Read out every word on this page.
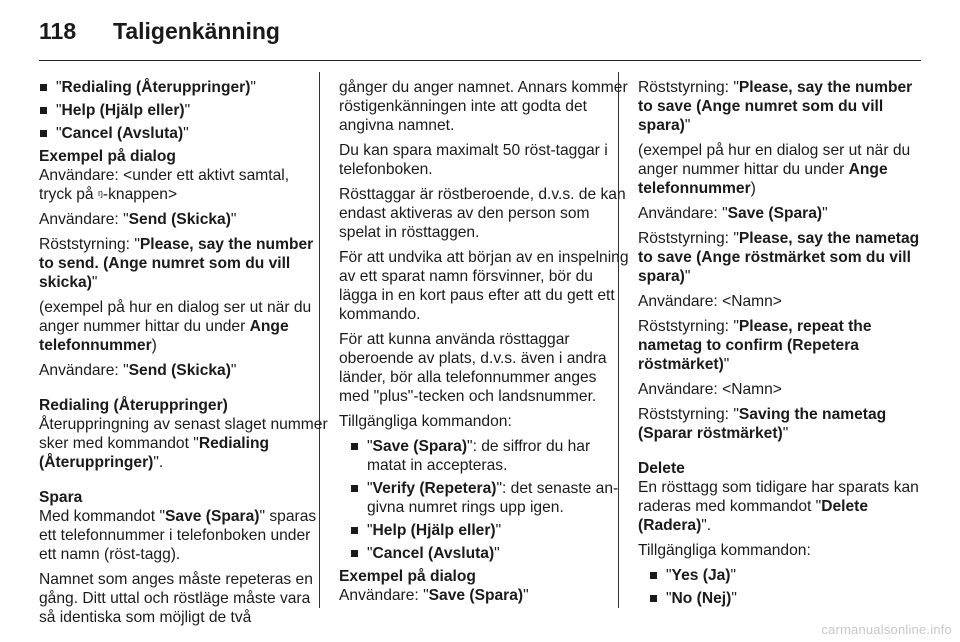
118 Taligenkänning

"Redialing (Återuppringer)"

"Help (Hjälp eller)"

"Cancel (Avsluta)"

Exempel på dialog

Användare: <under ett aktivt samtal,
tryck på ᵑ-knappen>

Användare: "Send (Skicka)"

Röststyrning: "Please, say the number to send. (Ange numret som du vill skicka)"

(exempel på hur en dialog ser ut när du anger nummer hittar du under Ange telefonnummer)

Användare: "Send (Skicka)"

Redialing (Återuppringer)

Återuppringning av senast slaget nummer sker med kommandot "Redialing (Återuppringer)".

Spara

Med kommandot "Save (Spara)" sparas ett telefonnummer i telefonboken under ett namn (röst-tagg).

Namnet som anges måste repeteras en gång. Ditt uttal och röstläge måste vara så identiska som möjligt de två

gånger du anger namnet. Annars kommer röstigenkänningen inte att godta det angivna namnet.

Du kan spara maximalt 50 röst-taggar i telefonboken.

Rösttaggar är röstberoende, d.v.s. de kan endast aktiveras av den person som spelat in rösttaggen.

För att undvika att början av en inspelning av ett sparat namn försvinner, bör du lägga in en kort paus efter att du gett ett kommando.

För att kunna använda rösttaggar oberoende av plats, d.v.s. även i andra länder, bör alla telefonnummer anges med "plus"-tecken och landsnummer.

Tillgängliga kommandon:

"Save (Spara)": de siffror du har matat in accepteras.

"Verify (Repetera)": det senaste angivna numret rings upp igen.

"Help (Hjälp eller)"

"Cancel (Avsluta)"

Exempel på dialog

Användare: "Save (Spara)"

Röststyrning: "Please, say the number to save (Ange numret som du vill spara)"

(exempel på hur en dialog ser ut när du anger nummer hittar du under Ange telefonnummer)

Användare: "Save (Spara)"

Röststyrning: "Please, say the nametag to save (Ange röstmärket som du vill spara)"

Användare: <Namn>

Röststyrning: "Please, repeat the nametag to confirm (Repetera röstmärket)"

Användare: <Namn>

Röststyrning: "Saving the nametag (Sparar röstmärket)"

Delete

En rösttagg som tidigare har sparats kan raderas med kommandot "Delete (Radera)".

Tillgängliga kommandon:

"Yes (Ja)"

"No (Nej)"

carmanualsonline.info
